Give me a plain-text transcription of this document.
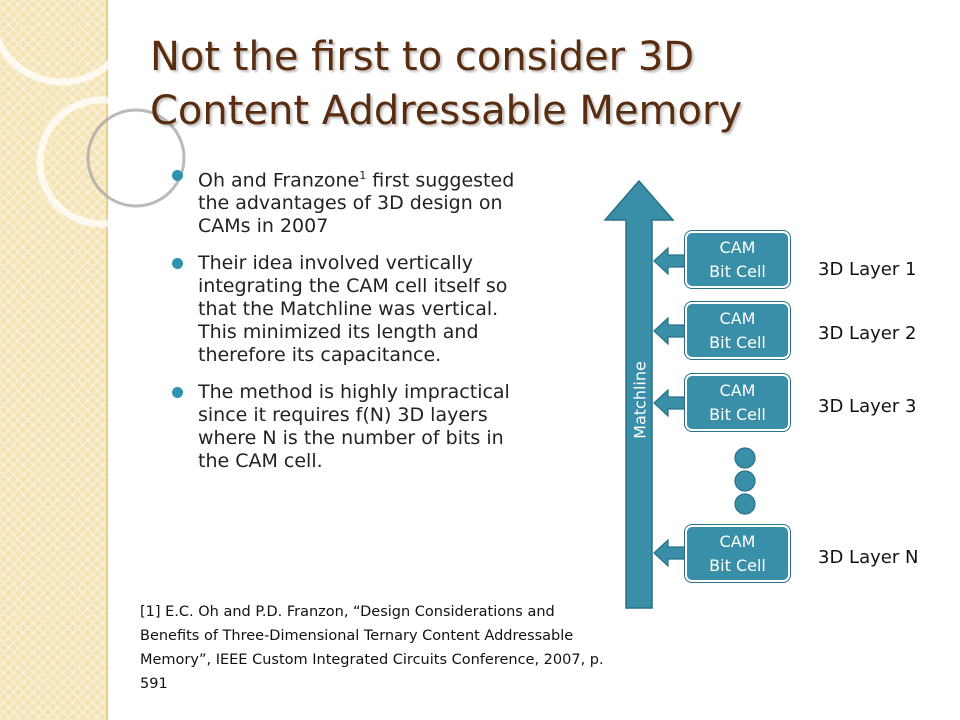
Not the first to consider 3D
Content Addressable Memory
Oh and Franzone$^1$ first suggested the advantages of 3D design on CAMs in 2007
Their idea involved vertically integrating the CAM cell itself so that the Matchline was vertical. This minimized its length and therefore its capacitance.
The method is highly impractical since it requires f(N) 3D layers where N is the number of bits in the CAM cell.
Matchline
CAM
Bit Cell
CAM
Bit Cell
CAM
Bit Cell
CAM
Bit Cell
3D Layer 1
3D Layer 2
3D Layer 3
3D Layer N
[1] E.C. Oh and P.D. Franzon, “Design Considerations and Benefits of Three-Dimensional Ternary Content Addressable Memory”, IEEE Custom Integrated Circuits Conference, 2007, p. 591
